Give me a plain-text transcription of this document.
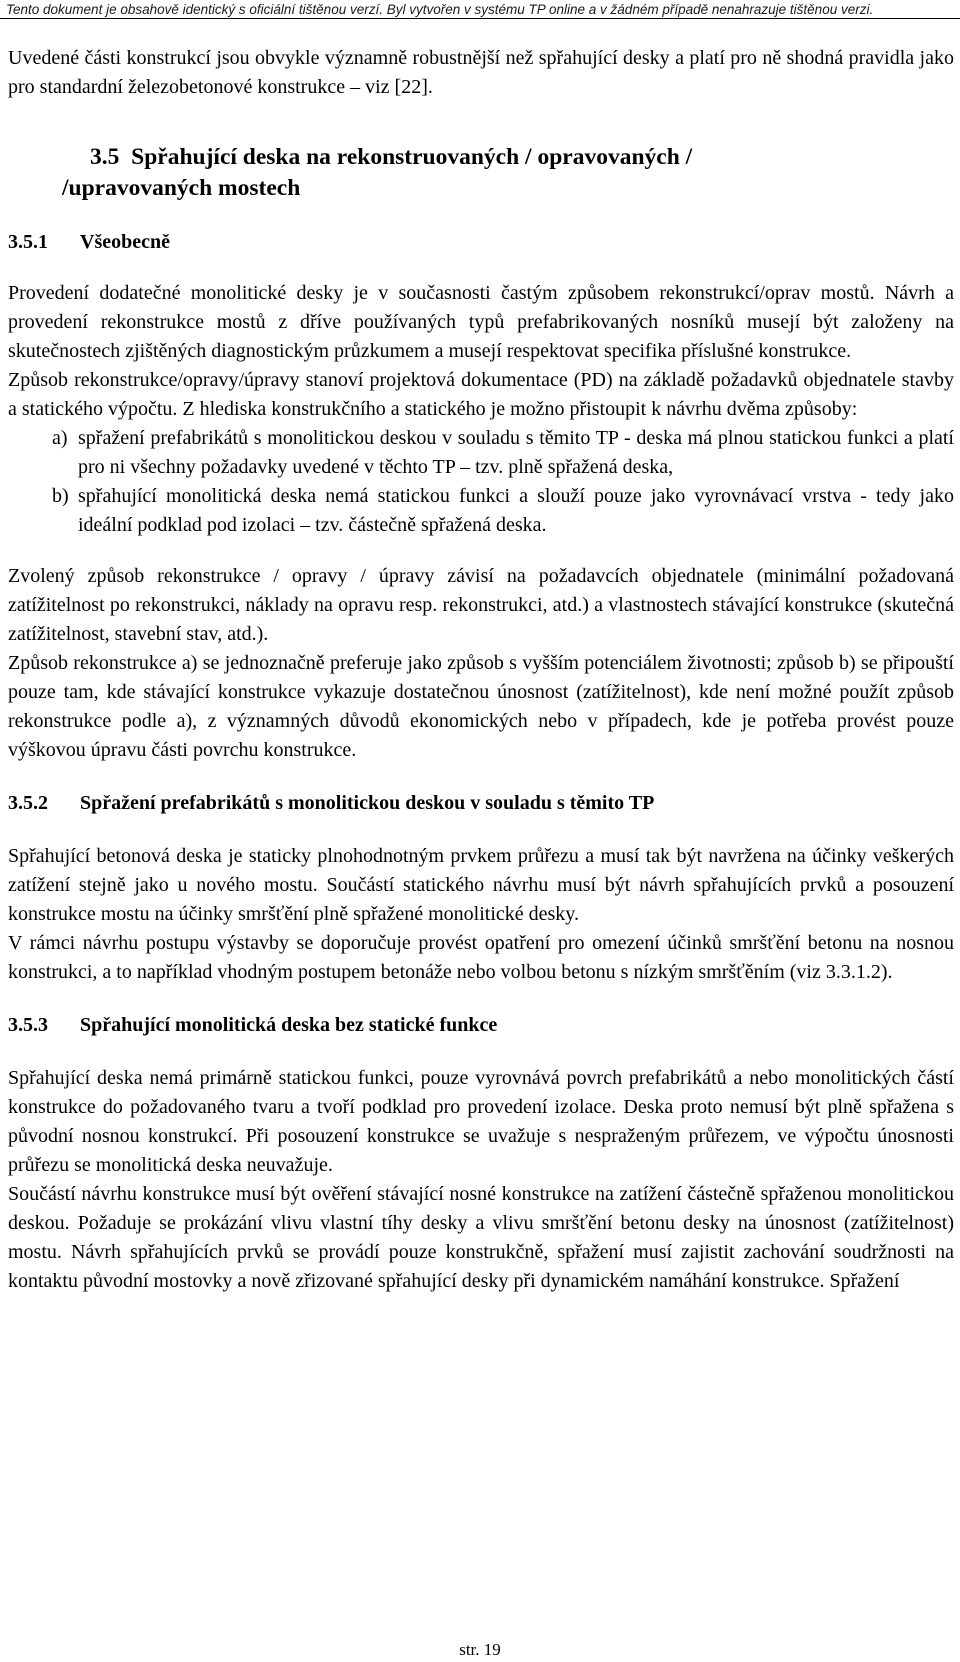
Tento dokument je obsahově identický s oficiální tištěnou verzí. Byl vytvořen v systému TP online a v žádném případě nenahrazuje tištěnou verzi.

Uvedené části konstrukcí jsou obvykle významně robustnější než spřahující desky a platí pro ně shodná pravidla jako pro standardní železobetonové konstrukce – viz [22].

3.5 Spřahující deska na rekonstruovaných / opravovaných /
/upravovaných mostech
3.5.1	Všeobecně

Provedení dodatečné monolitické desky je v současnosti častým způsobem rekonstrukcí/oprav mostů. Návrh a provedení rekonstrukce mostů z dříve používaných typů prefabrikovaných nosníků musejí být založeny na skutečnostech zjištěných diagnostickým průzkumem a musejí respektovat specifika příslušné konstrukce.

Způsob rekonstrukce/opravy/úpravy stanoví projektová dokumentace (PD) na základě požadavků objednatele stavby a statického výpočtu. Z hlediska konstrukčního a statického je možno přistoupit k návrhu dvěma způsoby:

a) spřažení prefabrikátů s monolitickou deskou v souladu s těmito TP - deska má plnou statickou funkci a platí pro ni všechny požadavky uvedené v těchto TP – tzv. plně spřažená deska,
b) spřahující monolitická deska nemá statickou funkci a slouží pouze jako vyrovnávací vrstva - tedy jako ideální podklad pod izolaci – tzv. částečně spřažená deska.

Zvolený způsob rekonstrukce / opravy / úpravy závisí na požadavcích objednatele (minimální požadovaná zatížitelnost po rekonstrukci, náklady na opravu resp. rekonstrukci, atd.) a vlastnostech stávající konstrukce (skutečná zatížitelnost, stavební stav, atd.).

Způsob rekonstrukce a) se jednoznačně preferuje jako způsob s vyšším potenciálem životnosti; způsob b) se připouští pouze tam, kde stávající konstrukce vykazuje dostatečnou únosnost (zatížitelnost), kde není možné použít způsob rekonstrukce podle a), z významných důvodů ekonomických nebo v případech, kde je potřeba provést pouze výškovou úpravu části povrchu konstrukce.

3.5.2	Spřažení prefabrikátů s monolitickou deskou v souladu s těmito TP

Spřahující betonová deska je staticky plnohodnotným prvkem průřezu a musí tak být navržena na účinky veškerých zatížení stejně jako u nového mostu. Součástí statického návrhu musí být návrh spřahujících prvků a posouzení konstrukce mostu na účinky smršťění plně spřažené monolitické desky.

V rámci návrhu postupu výstavby se doporučuje provést opatření pro omezení účinků smršťění betonu na nosnou konstrukci, a to například vhodným postupem betonáže nebo volbou betonu s nízkým smršťěním (viz 3.3.1.2).

3.5.3	Spřahující monolitická deska bez statické funkce

Spřahující deska nemá primárně statickou funkci, pouze vyrovnává povrch prefabrikátů a nebo monolitických částí konstrukce do požadovaného tvaru a tvoří podklad pro provedení izolace. Deska proto nemusí být plně spřažena s původní nosnou konstrukcí. Při posouzení konstrukce se uvažuje s nespraženým průřezem, ve výpočtu únosnosti průřezu se monolitická deska neuvažuje.

Součástí návrhu konstrukce musí být ověření stávající nosné konstrukce na zatížení částečně spřaženou monolitickou deskou. Požaduje se prokázání vlivu vlastní tíhy desky a vlivu smršťění betonu desky na únosnost (zatížitelnost) mostu. Návrh spřahujících prvků se provádí pouze konstrukčně, spřažení musí zajistit zachování soudržnosti na kontaktu původní mostovky a nově zřizované spřahující desky při dynamickém namáhání konstrukce. Spřažení

str. 19
